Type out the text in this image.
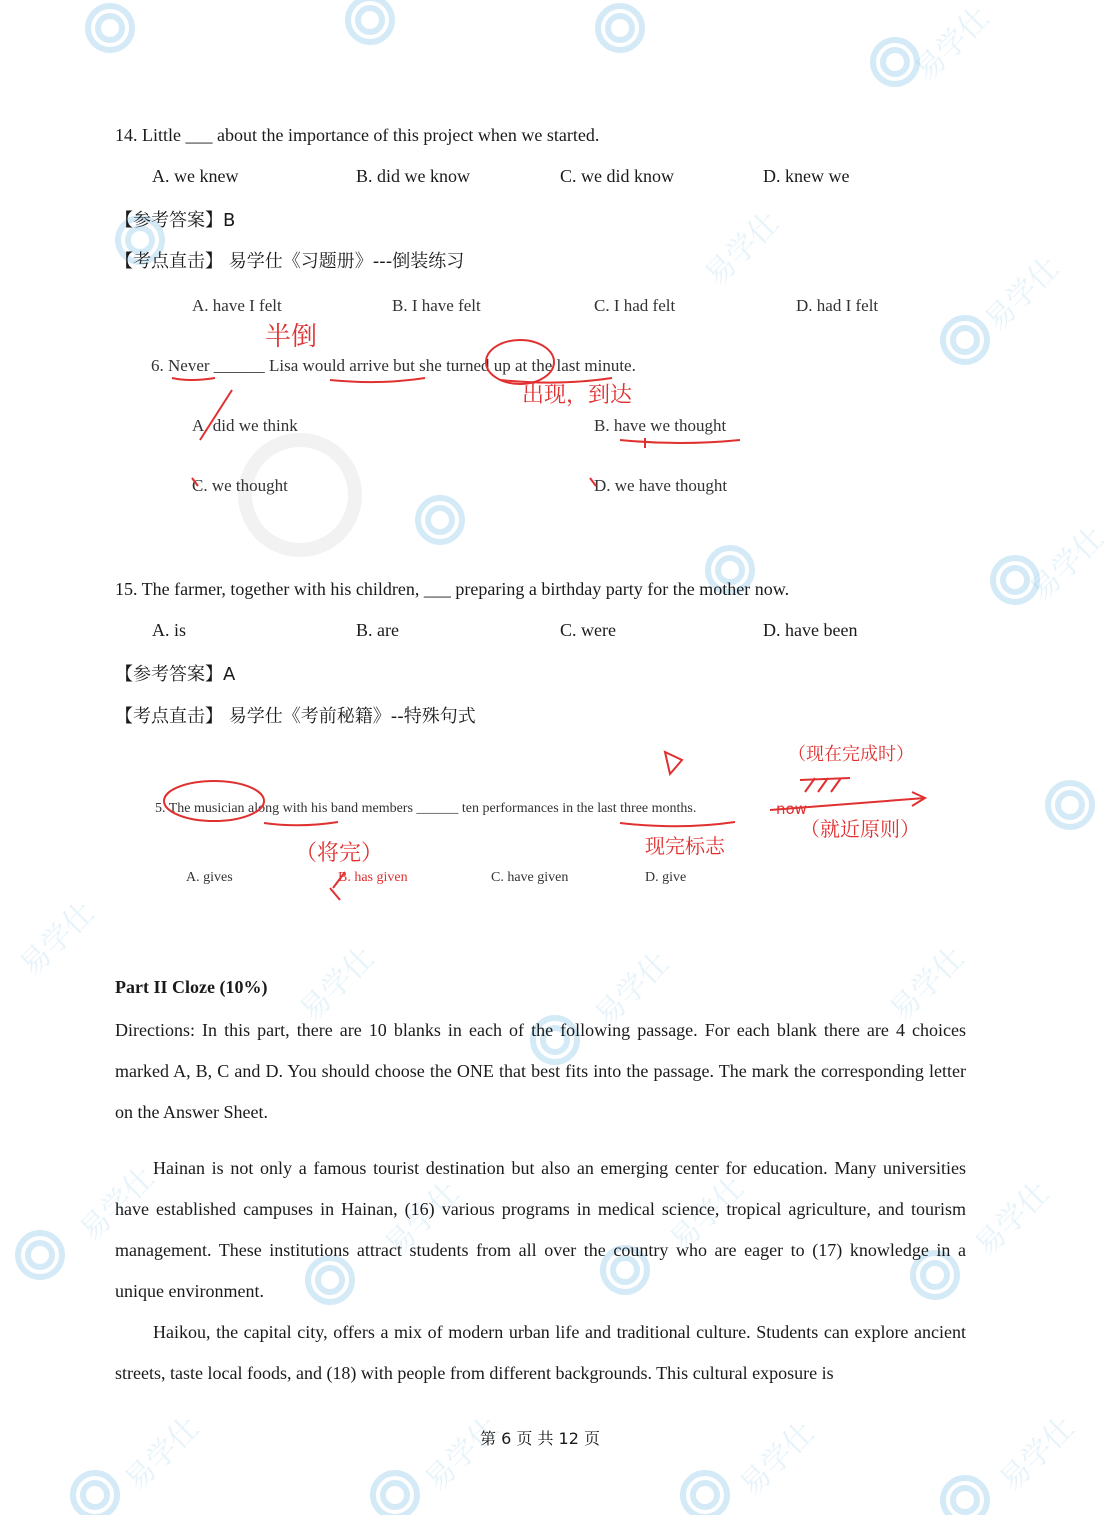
易学仕
易学仕
易学仕
易学仕
易学仕
易学仕	易学仕	易学仕
易学仕	易学仕	易学仕	易学仕
易学仕	易学仕	易学仕	易学仕
14. Little ___ about the importance of this project when we started.
A. we knew	B. did we know	C. we did know	D. knew we
【参考答案】B
【考点直击】 易学仕《习题册》---倒装练习
A. have I felt	B. I have felt	C. I had felt	D. had I felt
半倒
6. Never ______ Lisa would arrive but she turned up at the last minute.
出现，到达
A. did we think	B. have we thought
C. we thought	D. we have thought
15. The farmer, together with his children, ___ preparing a birthday party for the mother now.
A. is	B. are	C. were	D. have been
【参考答案】A
【考点直击】 易学仕《考前秘籍》--特殊句式
（现在完成时）
5. The musician along with his band members ______ ten performances in the last three months.	now
（将完）	现完标志
（就近原则）
A. gives	B. has given	C. have given	D. give
Part II Cloze (10%)
Directions: In this part, there are 10 blanks in each of the following passage. For each blank there are 4 choices marked A, B, C and D. You should choose the ONE that best fits into the passage. The mark the corresponding letter on the Answer Sheet.
Hainan is not only a famous tourist destination but also an emerging center for education. Many universities have established campuses in Hainan, (16) various programs in medical science, tropical agriculture, and tourism management. These institutions attract students from all over the country who are eager to (17) knowledge in a unique environment.
Haikou, the capital city, offers a mix of modern urban life and traditional culture. Students can explore ancient streets, taste local foods, and (18) with people from different backgrounds. This cultural exposure is
第 6 页 共 12 页
